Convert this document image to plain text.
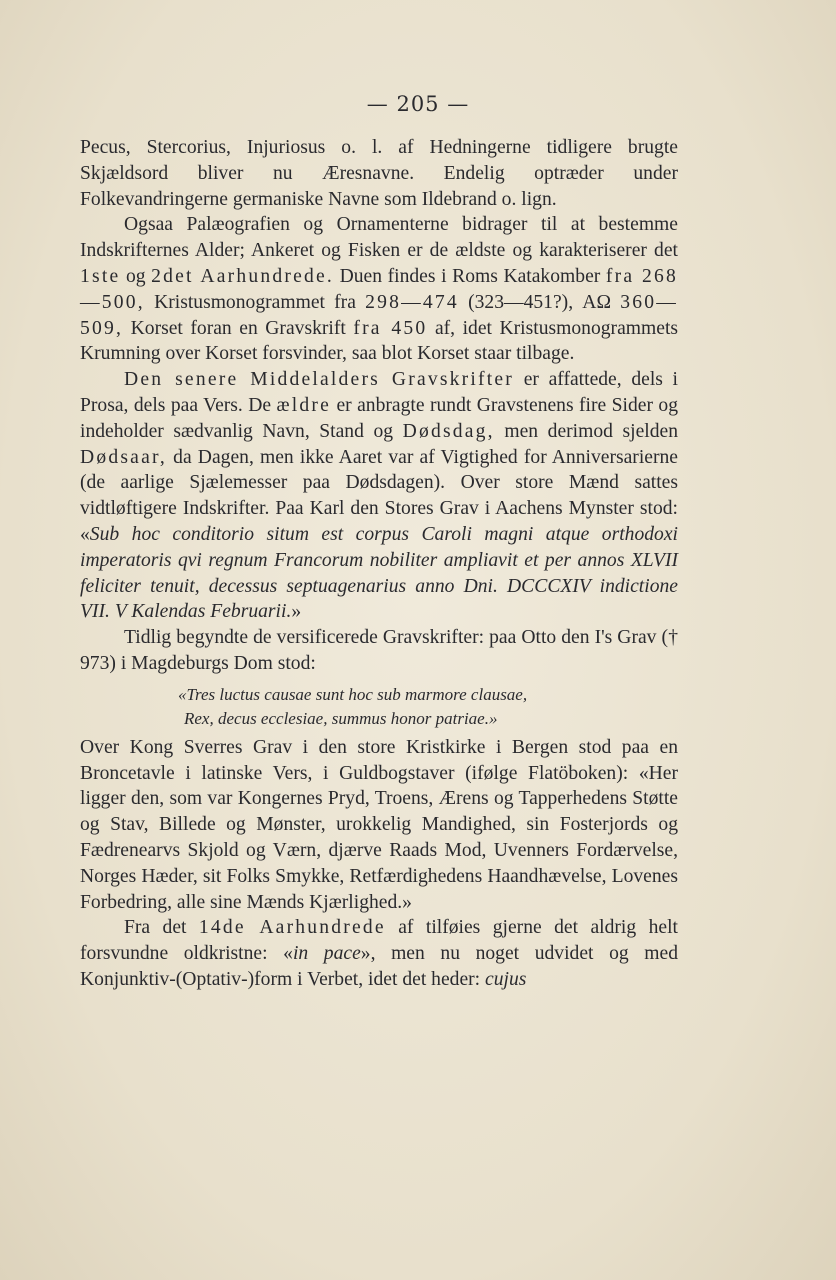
— 205 —

Pecus, Stercorius, Injuriosus o. l. af Hedningerne tidligere brugte Skjældsord bliver nu Æresnavne. Endelig optræder under Folkevandringerne germaniske Navne som Ildebrand o. lign.

Ogsaa Palæografien og Ornamenterne bidrager til at bestemme Indskrifternes Alder; Ankeret og Fisken er de ældste og karakteriserer det 1ste og 2det Aarhundrede. Duen findes i Roms Katakomber fra 268—500, Kristusmonogrammet fra 298—474 (323—451?), ΑΩ 360—509, Korset foran en Gravskrift fra 450 af, idet Kristusmonogrammets Krumning over Korset forsvinder, saa blot Korset staar tilbage.

Den senere Middelalders Gravskrifter er affattede, dels i Prosa, dels paa Vers. De ældre er anbragte rundt Gravstenens fire Sider og indeholder sædvanlig Navn, Stand og Dødsdag, men derimod sjelden Dødsaar, da Dagen, men ikke Aaret var af Vigtighed for Anniversarierne (de aarlige Sjælemesser paa Dødsdagen). Over store Mænd sattes vidtløftigere Indskrifter. Paa Karl den Stores Grav i Aachens Mynster stod: «Sub hoc conditorio situm est corpus Caroli magni atque orthodoxi imperatoris qvi regnum Francorum nobiliter ampliavit et per annos XLVII feliciter tenuit, decessus septuagenarius anno Dni. DCCCXIV indictione VII. V Kalendas Februarii.»

Tidlig begyndte de versificerede Gravskrifter: paa Otto den I's Grav († 973) i Magdeburgs Dom stod:

«Tres luctus causae sunt hoc sub marmore clausae,
Rex, decus ecclesiae, summus honor patriae.»

Over Kong Sverres Grav i den store Kristkirke i Bergen stod paa en Broncetavle i latinske Vers, i Guldbogstaver (ifølge Flatöboken): «Her ligger den, som var Kongernes Pryd, Troens, Ærens og Tapperhedens Støtte og Stav, Billede og Mønster, urokkelig Mandighed, sin Fosterjords og Fædrenearvs Skjold og Værn, djærve Raads Mod, Uvenners Fordærvelse, Norges Hæder, sit Folks Smykke, Retfærdighedens Haandhævelse, Lovenes Forbedring, alle sine Mænds Kjærlighed.»

Fra det 14de Aarhundrede af tilføies gjerne det aldrig helt forsvundne oldkristne: «in pace», men nu noget udvidet og med Konjunktiv-(Optativ-)form i Verbet, idet det heder: cujus
